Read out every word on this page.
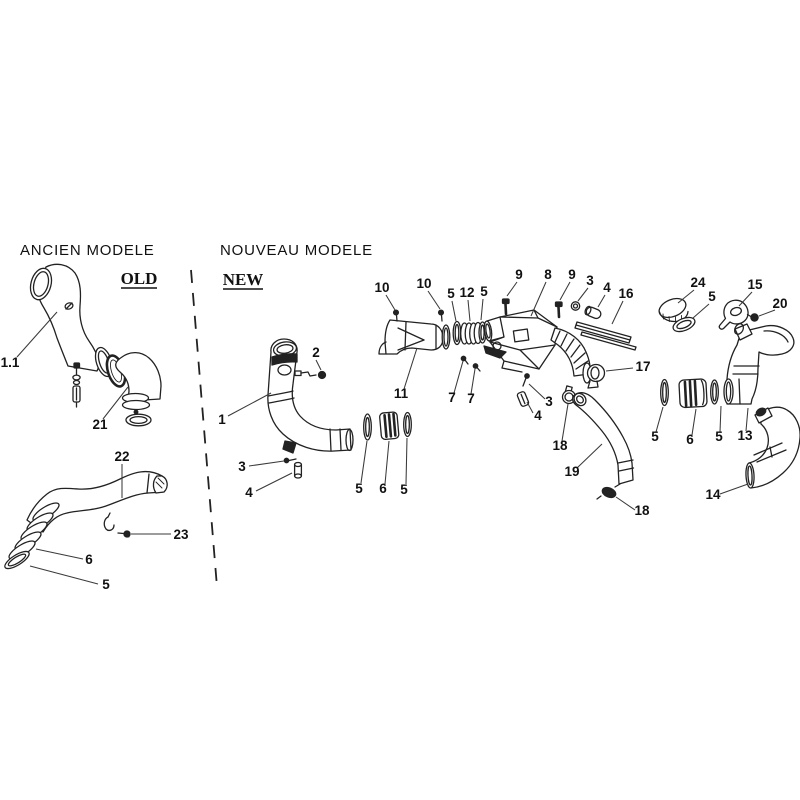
ANCIEN MODELE
OLD
NOUVEAU MODELE
NEW
1.1
21
22
23
6
5
1
2
3
4	5 6 5
10 10
5 12 5
9 8 9 3 4 16
11	7 7	3
4
18
19
18
17
24
5
15
20
5 6 5 13
14
